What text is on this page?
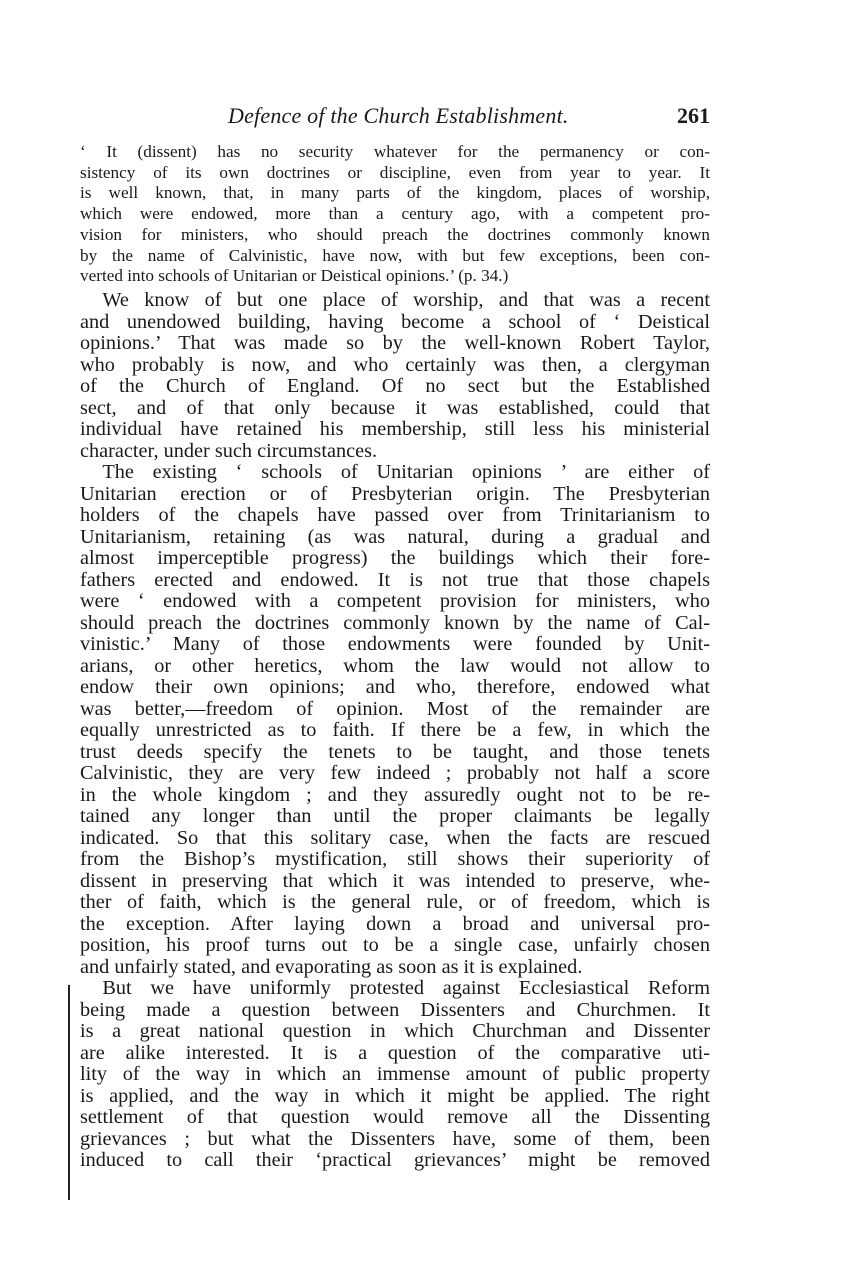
Defence of the Church Establishment.	261
‘ It (dissent) has no security whatever for the permanency or con-
sistency of its own doctrines or discipline, even from year to year. It
is well known, that, in many parts of the kingdom, places of worship,
which were endowed, more than a century ago, with a competent pro-
vision for ministers, who should preach the doctrines commonly known
by the name of Calvinistic, have now, with but few exceptions, been con-
verted into schools of Unitarian or Deistical opinions.’ (p. 34.)
We know of but one place of worship, and that was a recent
and unendowed building, having become a school of ‘ Deistical
opinions.’ That was made so by the well-known Robert Taylor,
who probably is now, and who certainly was then, a clergyman
of the Church of England. Of no sect but the Established
sect, and of that only because it was established, could that
individual have retained his membership, still less his ministerial
character, under such circumstances.
The existing ‘ schools of Unitarian opinions ’ are either of
Unitarian erection or of Presbyterian origin. The Presbyterian
holders of the chapels have passed over from Trinitarianism to
Unitarianism, retaining (as was natural, during a gradual and
almost imperceptible progress) the buildings which their fore-
fathers erected and endowed. It is not true that those chapels
were ‘ endowed with a competent provision for ministers, who
should preach the doctrines commonly known by the name of Cal-
vinistic.’ Many of those endowments were founded by Unit-
arians, or other heretics, whom the law would not allow to
endow their own opinions; and who, therefore, endowed what
was better,—freedom of opinion. Most of the remainder are
equally unrestricted as to faith. If there be a few, in which the
trust deeds specify the tenets to be taught, and those tenets
Calvinistic, they are very few indeed ; probably not half a score
in the whole kingdom ; and they assuredly ought not to be re-
tained any longer than until the proper claimants be legally
indicated. So that this solitary case, when the facts are rescued
from the Bishop’s mystification, still shows their superiority of
dissent in preserving that which it was intended to preserve, whe-
ther of faith, which is the general rule, or of freedom, which is
the exception. After laying down a broad and universal pro-
position, his proof turns out to be a single case, unfairly chosen
and unfairly stated, and evaporating as soon as it is explained.
But we have uniformly protested against Ecclesiastical Reform
being made a question between Dissenters and Churchmen. It
is a great national question in which Churchman and Dissenter
are alike interested. It is a question of the comparative uti-
lity of the way in which an immense amount of public property
is applied, and the way in which it might be applied. The right
settlement of that question would remove all the Dissenting
grievances ; but what the Dissenters have, some of them, been
induced to call their ‘practical grievances’ might be removed
